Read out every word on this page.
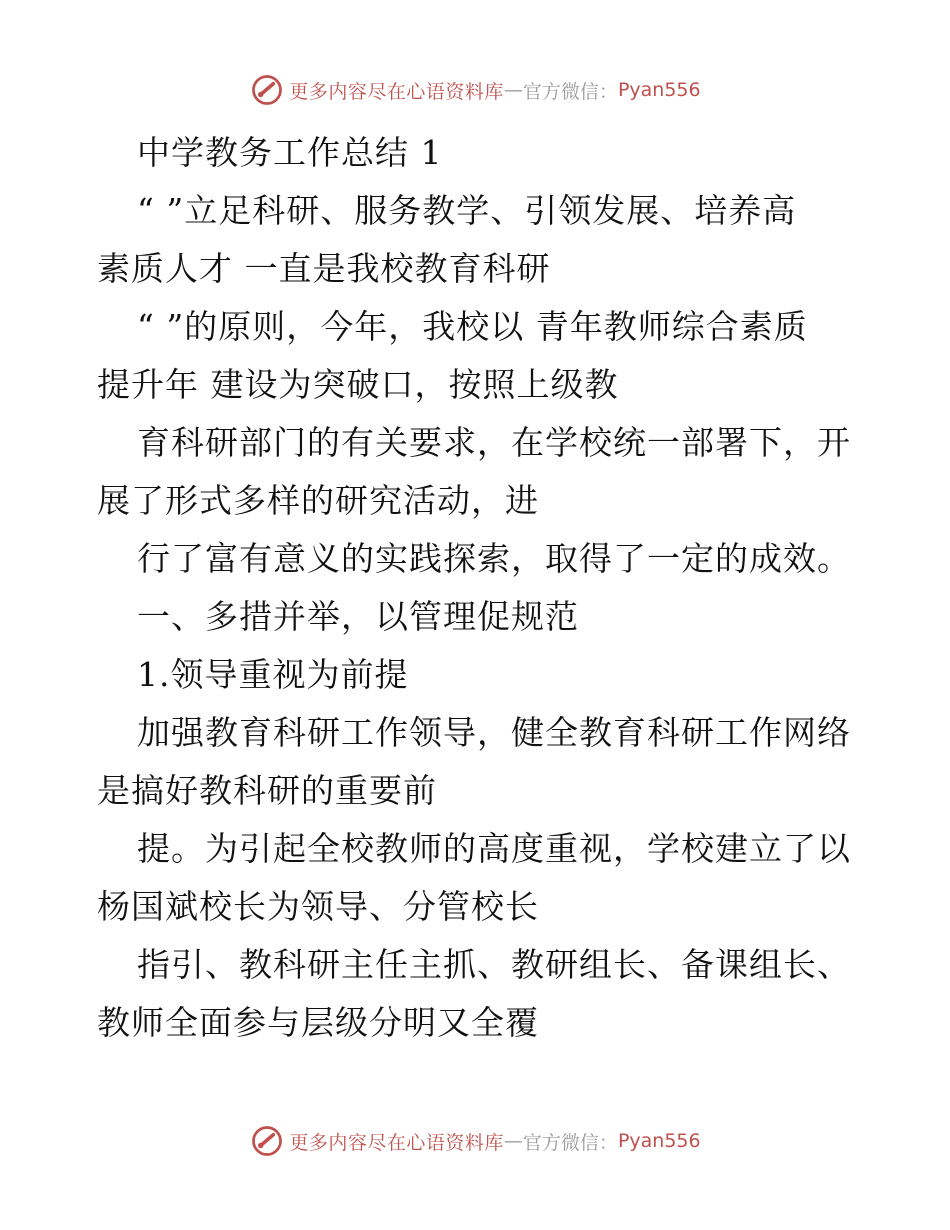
更多内容尽在心语资料库 — 官方微信： Pyan556
中学教务工作总结 1
“ ”立足科研、服务教学、引领发展、培养高
素质人才 一直是我校教育科研
“ ”的原则，今年，我校以 青年教师综合素质
提升年 建设为突破口，按照上级教
育科研部门的有关要求，在学校统一部署下，开
展了形式多样的研究活动，进
行了富有意义的实践探索，取得了一定的成效。
一、多措并举，以管理促规范
1.领导重视为前提
加强教育科研工作领导，健全教育科研工作网络
是搞好教科研的重要前
提。为引起全校教师的高度重视，学校建立了以
杨国斌校长为领导、分管校长
指引、教科研主任主抓、教研组长、备课组长、
教师全面参与层级分明又全覆
更多内容尽在心语资料库 — 官方微信： Pyan556
